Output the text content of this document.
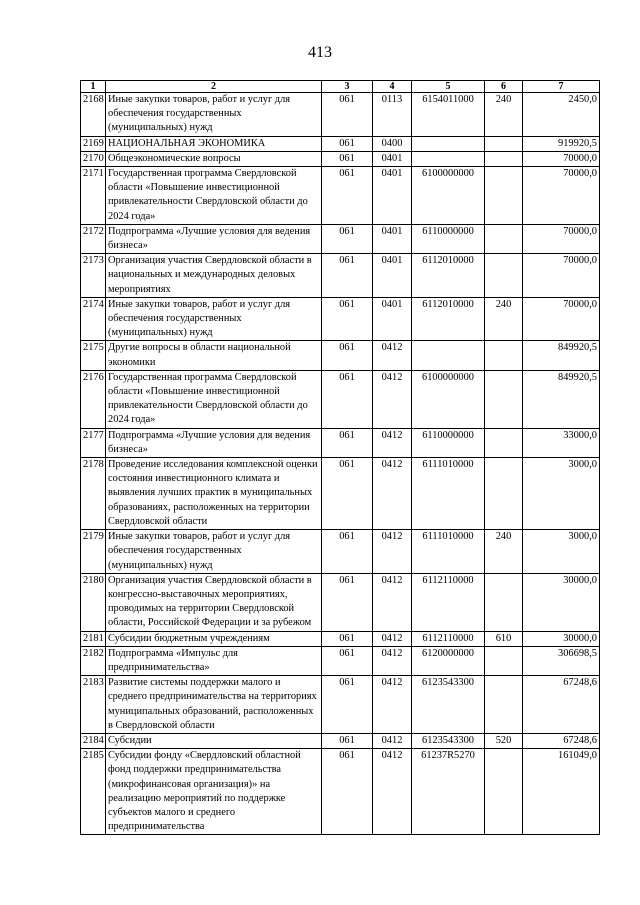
413
1	2	3	4	5	6	7
2168	Иные закупки товаров, работ и услуг для обеспечения государственных (муниципальных) нужд	061	0113	6154011000	240	2450,0
2169	НАЦИОНАЛЬНАЯ ЭКОНОМИКА	061	0400			919920,5
2170	Общеэкономические вопросы	061	0401			70000,0
2171	Государственная программа Свердловской области «Повышение инвестиционной привлекательности Свердловской области до 2024 года»	061	0401	6100000000		70000,0
2172	Подпрограмма «Лучшие условия для ведения бизнеса»	061	0401	6110000000		70000,0
2173	Организация участия Свердловской области в национальных и международных деловых мероприятиях	061	0401	6112010000		70000,0
2174	Иные закупки товаров, работ и услуг для обеспечения государственных (муниципальных) нужд	061	0401	6112010000	240	70000,0
2175	Другие вопросы в области национальной экономики	061	0412			849920,5
2176	Государственная программа Свердловской области «Повышение инвестиционной привлекательности Свердловской области до 2024 года»	061	0412	6100000000		849920,5
2177	Подпрограмма «Лучшие условия для ведения бизнеса»	061	0412	6110000000		33000,0
2178	Проведение исследования комплексной оценки состояния инвестиционного климата и выявления лучших практик в муниципальных образованиях, расположенных на территории Свердловской области	061	0412	6111010000		3000,0
2179	Иные закупки товаров, работ и услуг для обеспечения государственных (муниципальных) нужд	061	0412	6111010000	240	3000,0
2180	Организация участия Свердловской области в конгрессно-выставочных мероприятиях, проводимых на территории Свердловской области, Российской Федерации и за рубежом	061	0412	6112110000		30000,0
2181	Субсидии бюджетным учреждениям	061	0412	6112110000	610	30000,0
2182	Подпрограмма «Импульс для предпринимательства»	061	0412	6120000000		306698,5
2183	Развитие системы поддержки малого и среднего предпринимательства на территориях муниципальных образований, расположенных в Свердловской области	061	0412	6123543300		67248,6
2184	Субсидии	061	0412	6123543300	520	67248,6
2185	Субсидии фонду «Свердловский областной фонд поддержки предпринимательства (микрофинансовая организация)» на реализацию мероприятий по поддержке субъектов малого и среднего предпринимательства	061	0412	61237R5270		161049,0
